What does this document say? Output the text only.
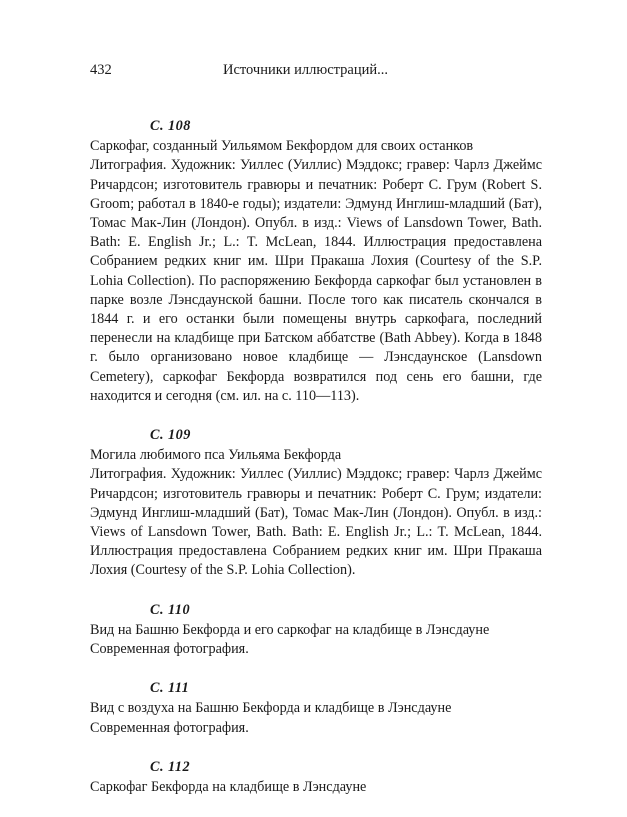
432	Источники иллюстраций...
С. 108

Саркофаг, созданный Уильямом Бекфордом для своих останков

Литография. Художник: Уиллес (Уиллис) Мэддокс; гравер: Чарлз Джеймс Ричардсон; изготовитель гравюры и печатник: Роберт С. Грум (Robert S. Groom; работал в 1840-е годы); издатели: Эдмунд Инглиш-младший (Бат), Томас Мак-Лин (Лондон). Опубл. в изд.: Views of Lansdown Tower, Bath. Bath: E. English Jr.; L.: T. McLean, 1844. Иллюстрация предоставлена Собранием редких книг им. Шри Пракаша Лохия (Courtesy of the S.P. Lohia Collection). По распоряжению Бекфорда саркофаг был установлен в парке возле Лэнсдаунской башни. После того как писатель скончался в 1844 г. и его останки были помещены внутрь саркофага, последний перенесли на кладбище при Батском аббатстве (Bath Abbey). Когда в 1848 г. было организовано новое кладбище — Лэнсдаунское (Lansdown Cemetery), саркофаг Бекфорда возвратился под сень его башни, где находится и сегодня (см. ил. на с. 110—113).

С. 109

Могила любимого пса Уильяма Бекфорда

Литография. Художник: Уиллес (Уиллис) Мэддокс; гравер: Чарлз Джеймс Ричардсон; изготовитель гравюры и печатник: Роберт С. Грум; издатели: Эдмунд Инглиш-младший (Бат), Томас Мак-Лин (Лондон). Опубл. в изд.: Views of Lansdown Tower, Bath. Bath: E. English Jr.; L.: T. McLean, 1844. Иллюстрация предоставлена Собранием редких книг им. Шри Пракаша Лохия (Courtesy of the S.P. Lohia Collection).

С. 110

Вид на Башню Бекфорда и его саркофаг на кладбище в Лэнсдауне

Современная фотография.

С. 111

Вид с воздуха на Башню Бекфорда и кладбище в Лэнсдауне

Современная фотография.

С. 112

Саркофаг Бекфорда на кладбище в Лэнсдауне
